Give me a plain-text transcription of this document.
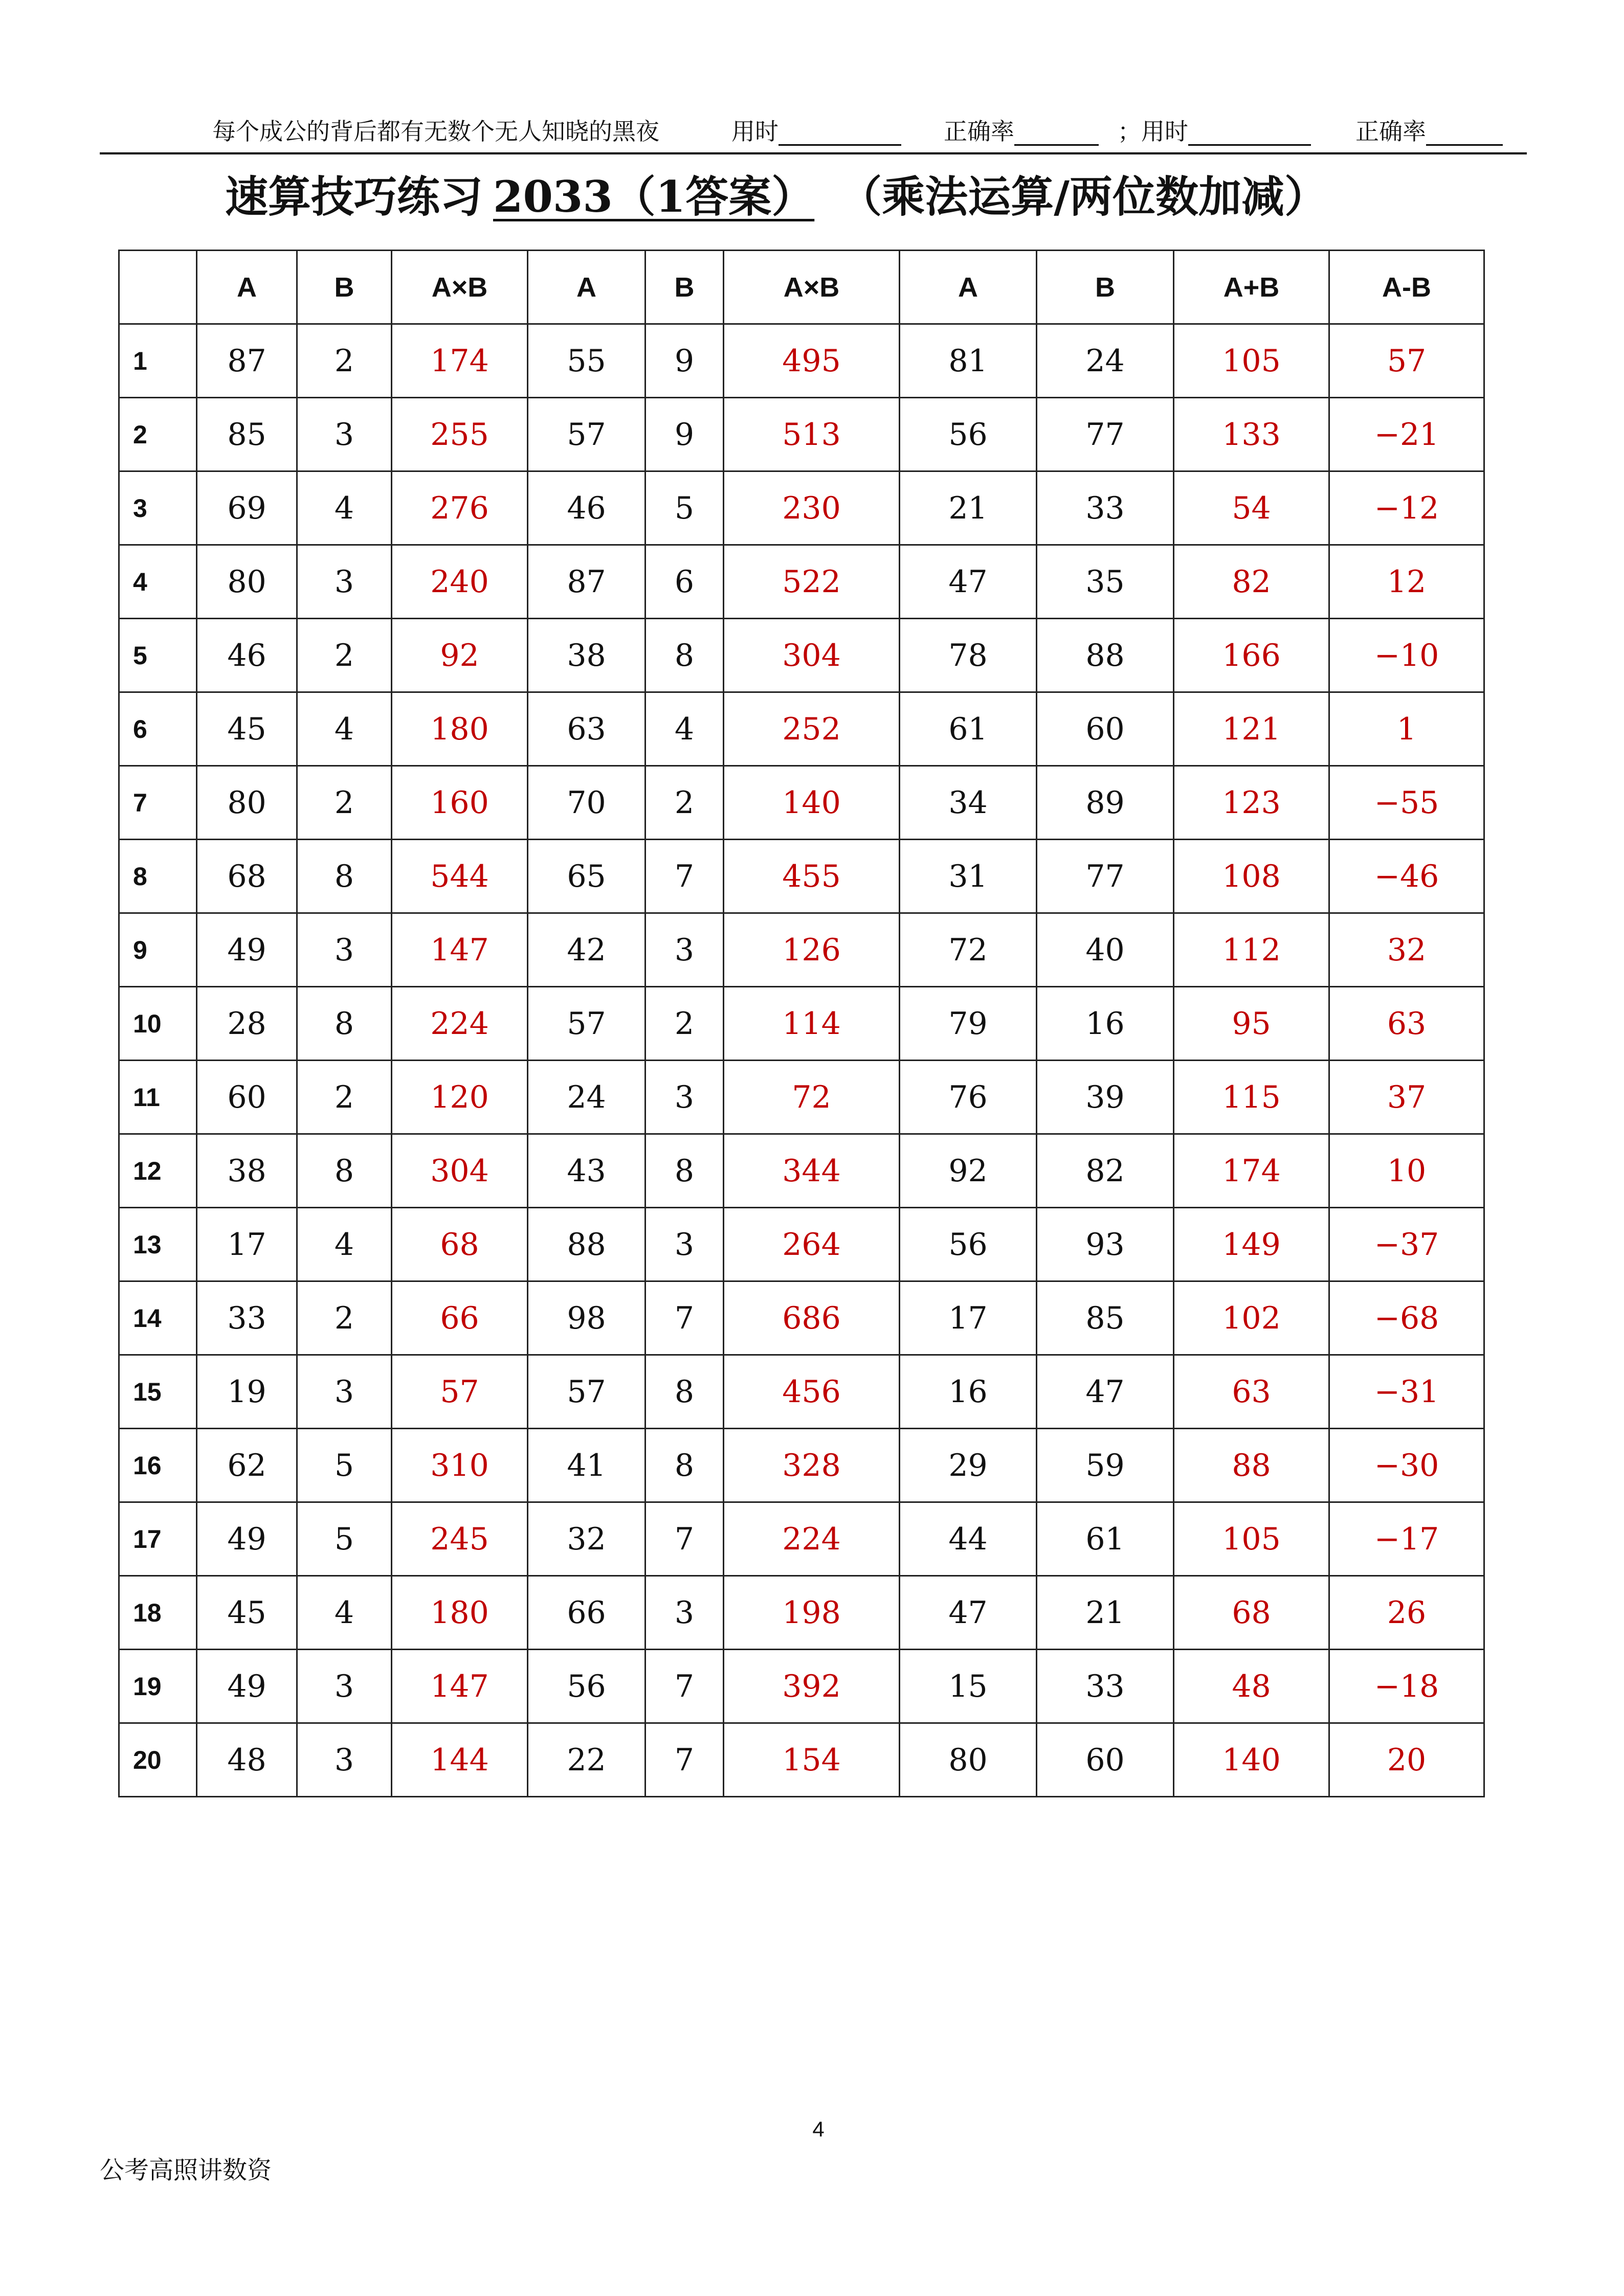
每个成公的背后都有无数个无人知晓的黑夜	用时	正确率	；用时	正确率
速算技巧练习 2033（1答案） （乘法运算/两位数加减）
	A	B	A×B	A	B	A×B	A	B	A+B	A-B
1	87	2	174	55	9	495	81	24	105	57
2	85	3	255	57	9	513	56	77	133	−21
3	69	4	276	46	5	230	21	33	54	−12
4	80	3	240	87	6	522	47	35	82	12
5	46	2	92	38	8	304	78	88	166	−10
6	45	4	180	63	4	252	61	60	121	1
7	80	2	160	70	2	140	34	89	123	−55
8	68	8	544	65	7	455	31	77	108	−46
9	49	3	147	42	3	126	72	40	112	32
10	28	8	224	57	2	114	79	16	95	63
11	60	2	120	24	3	72	76	39	115	37
12	38	8	304	43	8	344	92	82	174	10
13	17	4	68	88	3	264	56	93	149	−37
14	33	2	66	98	7	686	17	85	102	−68
15	19	3	57	57	8	456	16	47	63	−31
16	62	5	310	41	8	328	29	59	88	−30
17	49	5	245	32	7	224	44	61	105	−17
18	45	4	180	66	3	198	47	21	68	26
19	49	3	147	56	7	392	15	33	48	−18
20	48	3	144	22	7	154	80	60	140	20
4
公考高照讲数资
